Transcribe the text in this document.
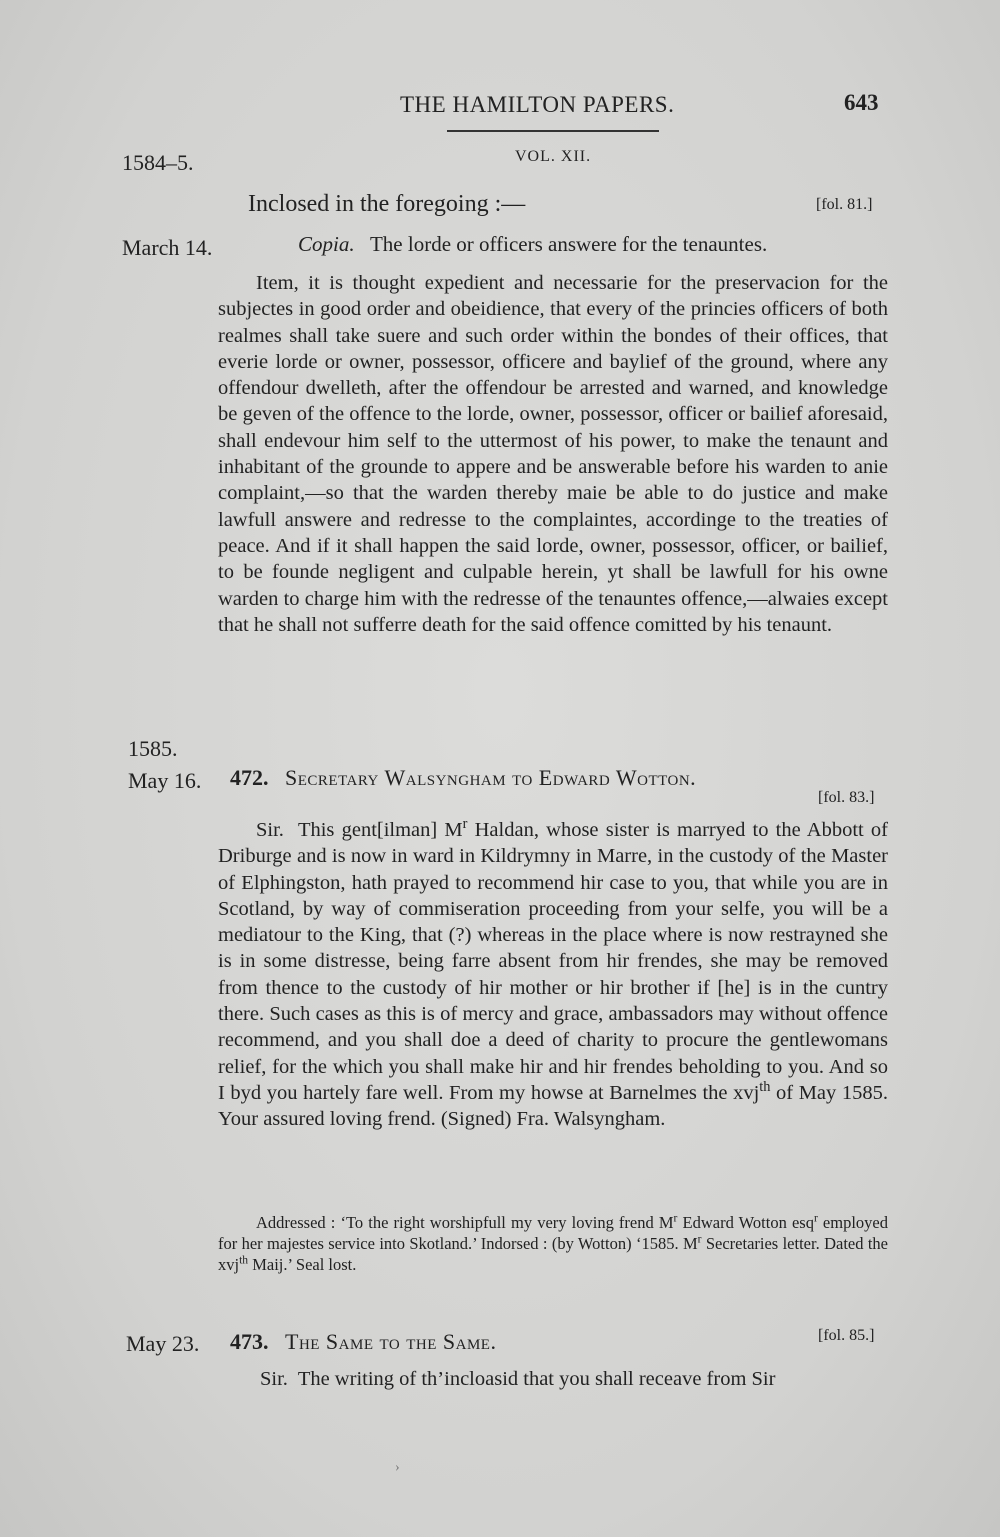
THE HAMILTON PAPERS.	643
1584–5.	VOL. XII.
Inclosed in the foregoing :—	[fol. 81.]
March 14.	Copia. The lorde or officers answere for the tenauntes.
Item, it is thought expedient and necessarie for the preservacion for the subjectes in good order and obeidience, that every of the princies officers of both realmes shall take suere and such order within the bondes of their offices, that everie lorde or owner, possessor, officere and baylief of the ground, where any offendour dwelleth, after the offendour be arrested and warned, and knowledge be geven of the offence to the lorde, owner, possessor, officer or bailief aforesaid, shall endevour him self to the uttermost of his power, to make the tenaunt and inhabitant of the grounde to appere and be answerable before his warden to anie complaint,—so that the warden thereby maie be able to do justice and make lawfull answere and redresse to the complaintes, accordinge to the treaties of peace. And if it shall happen the said lorde, owner, possessor, officer, or bailief, to be founde negligent and culpable herein, yt shall be lawfull for his owne warden to charge him with the redresse of the tenauntes offence,—alwaies except that he shall not sufferre death for the said offence comitted by his tenaunt.
1585.
May 16. 472. Secretary Walsyngham to Edward Wotton.
[fol. 83.]
Sir. This gent[ilman] $M^r$ Haldan, whose sister is marryed to the Abbott of Driburge and is now in ward in Kildrymny in Marre, in the custody of the Master of Elphingston, hath prayed to recommend hir case to you, that while you are in Scotland, by way of commiseration proceeding from your selfe, you will be a mediatour to the King, that (?) whereas in the place where is now restrayned she is in some distresse, being farre absent from hir frendes, she may be removed from thence to the custody of hir mother or hir brother if [he] is in the cuntry there. Such cases as this is of mercy and grace, ambassadors may without offence recommend, and you shall doe a deed of charity to procure the gentlewomans relief, for the which you shall make hir and hir frendes beholding to you. And so I byd you hartely fare well. From my howse at Barnelmes the xvj$^{th}$ of May 1585. Your assured loving frend. (Signed) Fra. Walsyngham.
Addressed : ‘To the right worshipfull my very loving frend $M^r$ Edward Wotton esq$^r$ employed for her majestes service into Skotland.’ Indorsed : (by Wotton) ‘1585. $M^r$ Secretaries letter. Dated the xvj$^{th}$ Maij.’ Seal lost.
May 23. 473. The Same to the Same.	[fol. 85.]
Sir. The writing of th’incloasid that you shall receave from Sir
›
